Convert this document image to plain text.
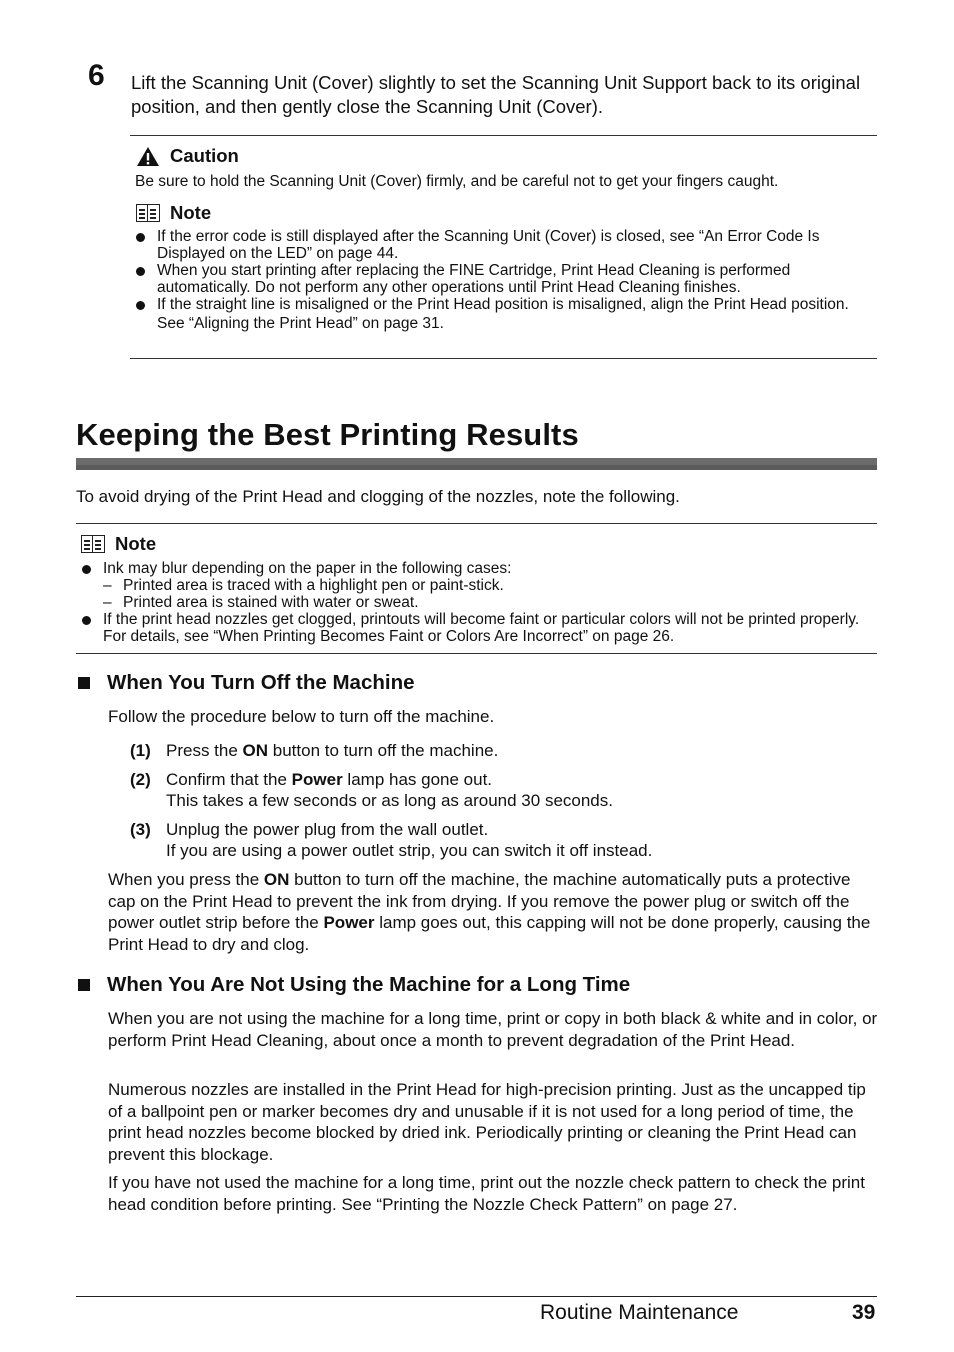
6 Lift the Scanning Unit (Cover) slightly to set the Scanning Unit Support back to its original position, and then gently close the Scanning Unit (Cover).
Caution
Be sure to hold the Scanning Unit (Cover) firmly, and be careful not to get your fingers caught.
Note
If the error code is still displayed after the Scanning Unit (Cover) is closed, see “An Error Code Is Displayed on the LED” on page 44.
When you start printing after replacing the FINE Cartridge, Print Head Cleaning is performed automatically. Do not perform any other operations until Print Head Cleaning finishes.
If the straight line is misaligned or the Print Head position is misaligned, align the Print Head position.
See “Aligning the Print Head” on page 31.
Keeping the Best Printing Results
To avoid drying of the Print Head and clogging of the nozzles, note the following.
Note
Ink may blur depending on the paper in the following cases:
– Printed area is traced with a highlight pen or paint-stick.
– Printed area is stained with water or sweat.
If the print head nozzles get clogged, printouts will become faint or particular colors will not be printed properly. For details, see “When Printing Becomes Faint or Colors Are Incorrect” on page 26.
When You Turn Off the Machine
Follow the procedure below to turn off the machine.
(1) Press the ON button to turn off the machine.
(2) Confirm that the Power lamp has gone out.
This takes a few seconds or as long as around 30 seconds.
(3) Unplug the power plug from the wall outlet.
If you are using a power outlet strip, you can switch it off instead.
When you press the ON button to turn off the machine, the machine automatically puts a protective cap on the Print Head to prevent the ink from drying. If you remove the power plug or switch off the power outlet strip before the Power lamp goes out, this capping will not be done properly, causing the Print Head to dry and clog.
When You Are Not Using the Machine for a Long Time
When you are not using the machine for a long time, print or copy in both black & white and in color, or perform Print Head Cleaning, about once a month to prevent degradation of the Print Head.
Numerous nozzles are installed in the Print Head for high-precision printing. Just as the uncapped tip of a ballpoint pen or marker becomes dry and unusable if it is not used for a long period of time, the print head nozzles become blocked by dried ink. Periodically printing or cleaning the Print Head can prevent this blockage.
If you have not used the machine for a long time, print out the nozzle check pattern to check the print head condition before printing. See “Printing the Nozzle Check Pattern” on page 27.
Routine Maintenance	39
